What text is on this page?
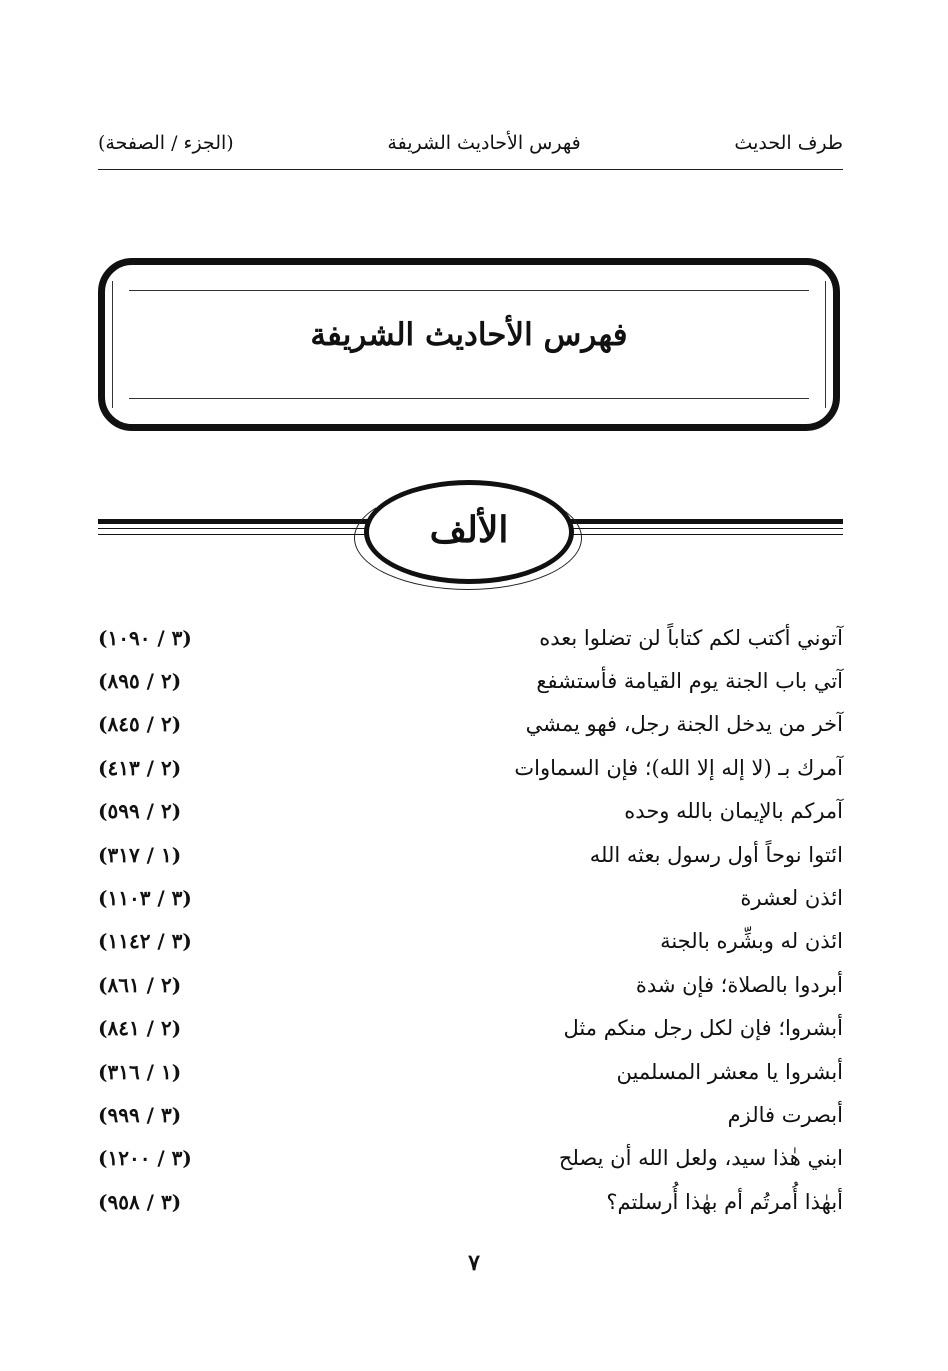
طرف الحديث
فهرس الأحاديث الشريفة
(الجزء / الصفحة)
فهرس الأحاديث الشريفة
الألف
آتوني أكتب لكم كتاباً لن تضلوا بعده
(٣ / ١٠٩٠)
آتي باب الجنة يوم القيامة فأستشفع
(٢ / ٨٩٥)
آخر من يدخل الجنة رجل، فهو يمشي
(٢ / ٨٤٥)
آمرك بـ (لا إله إلا الله)؛ فإن السماوات
(٢ / ٤١٣)
آمركم بالإيمان بالله وحده
(٢ / ٥٩٩)
ائتوا نوحاً أول رسول بعثه الله
(١ / ٣١٧)
ائذن لعشرة
(٣ / ١١٠٣)
ائذن له وبشِّره بالجنة
(٣ / ١١٤٢)
أبردوا بالصلاة؛ فإن شدة
(٢ / ٨٦١)
أبشروا؛ فإن لكل رجل منكم مثل
(٢ / ٨٤١)
أبشروا يا معشر المسلمين
(١ / ٣١٦)
أبصرت فالزم
(٣ / ٩٩٩)
ابني هٰذا سيد، ولعل الله أن يصلح
(٣ / ١٢٠٠)
أبهٰذا أُمرتُم أم بهٰذا أُرسلتم؟
(٣ / ٩٥٨)
٧
